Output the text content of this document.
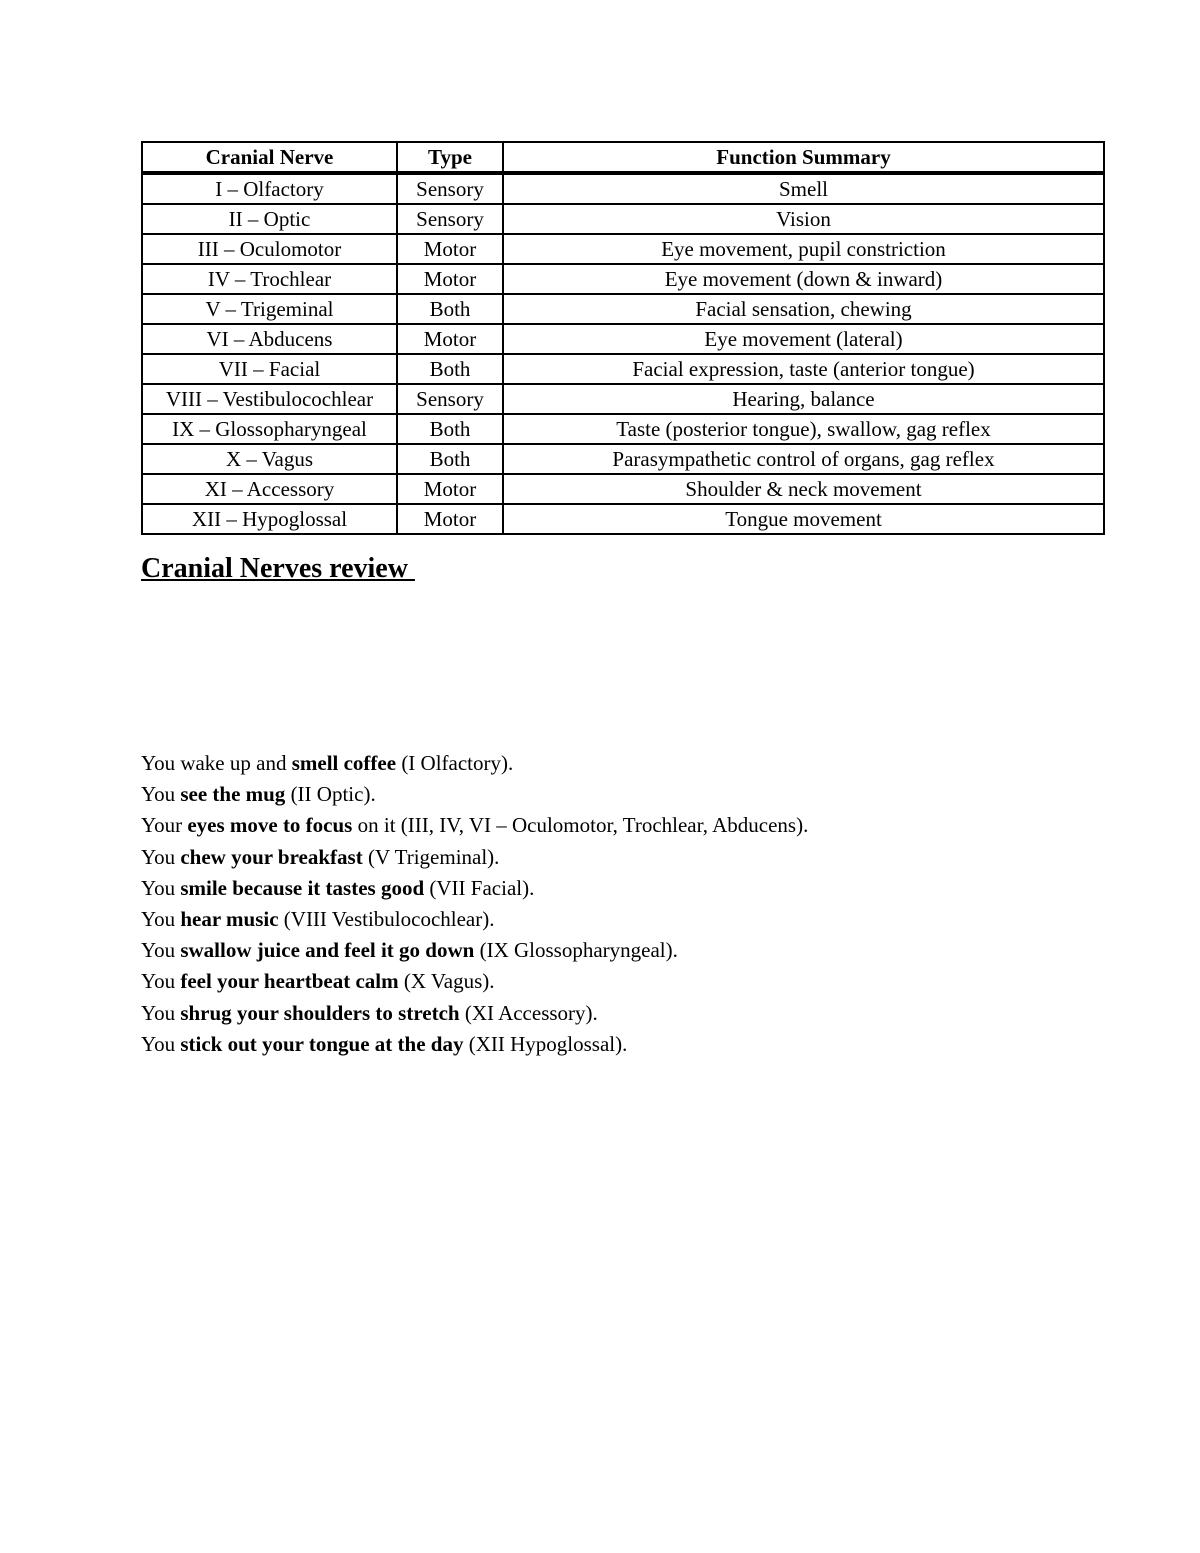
Cranial Nerve	Type	Function Summary
I – Olfactory	Sensory	Smell
II – Optic	Sensory	Vision
III – Oculomotor	Motor	Eye movement, pupil constriction
IV – Trochlear	Motor	Eye movement (down & inward)
V – Trigeminal	Both	Facial sensation, chewing
VI – Abducens	Motor	Eye movement (lateral)
VII – Facial	Both	Facial expression, taste (anterior tongue)
VIII – Vestibulocochlear	Sensory	Hearing, balance
IX – Glossopharyngeal	Both	Taste (posterior tongue), swallow, gag reflex
X – Vagus	Both	Parasympathetic control of organs, gag reflex
XI – Accessory	Motor	Shoulder & neck movement
XII – Hypoglossal	Motor	Tongue movement
Cranial Nerves review
You wake up and smell coffee (I Olfactory).
You see the mug (II Optic).
Your eyes move to focus on it (III, IV, VI – Oculomotor, Trochlear, Abducens).
You chew your breakfast (V Trigeminal).
You smile because it tastes good (VII Facial).
You hear music (VIII Vestibulocochlear).
You swallow juice and feel it go down (IX Glossopharyngeal).
You feel your heartbeat calm (X Vagus).
You shrug your shoulders to stretch (XI Accessory).
You stick out your tongue at the day (XII Hypoglossal).
